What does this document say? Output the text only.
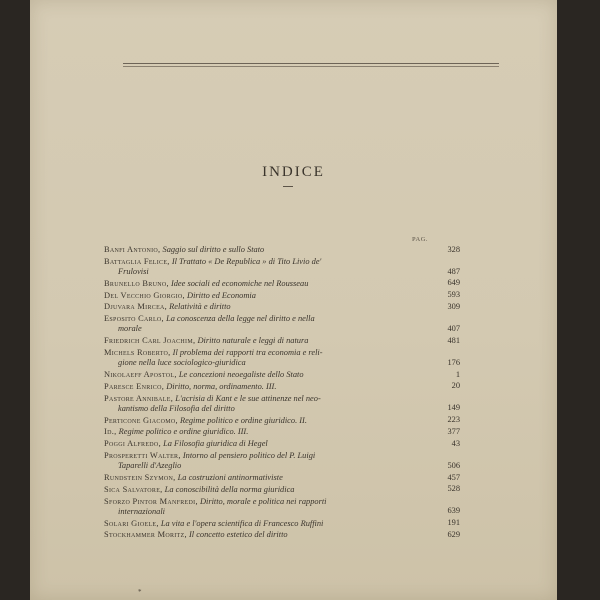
INDICE
PAG.
Banfi Antonio, Saggio sul diritto e sullo Stato	328
Battaglia Felice, Il Trattato « De Republica » di Tito Livio de'
Frulovisi	487
Brunello Bruno, Idee sociali ed economiche nel Rousseau	649
Del Vecchio Giorgio, Diritto ed Economia	593
Djuvara Mircea, Relatività e diritto	309
Esposito Carlo, La conoscenza della legge nel diritto e nella
morale	407
Friedrich Carl Joachim, Diritto naturale e leggi di natura	481
Michels Roberto, Il problema dei rapporti tra economia e reli-
gione nella luce sociologico-giuridica	176
Nikolaeff Apostol, Le concezioni neoegaliste dello Stato	1
Paresce Enrico, Diritto, norma, ordinamento. III.	20
Pastore Annibale, L'acrisia di Kant e le sue attinenze nel neo-
kantismo della Filosofia del diritto	149
Perticone Giacomo, Regime politico e ordine giuridico. II.	223
Id., Regime politico e ordine giuridico. III.	377
Poggi Alfredo, La Filosofia giuridica di Hegel	43
Prosperetti Walter, Intorno al pensiero politico del P. Luigi
Taparelli d'Azeglio	506
Rundstein Szymon, La costruzioni antinormativiste	457
Sica Salvatore, La conoscibilità della norma giuridica	528
Sforzo Pintor Manfredi, Diritto, morale e politica nei rapporti
internazionali	639
Solari Gioele, La vita e l'opera scientifica di Francesco Ruffini	191
Stockhammer Moritz, Il concetto estetico del diritto	629
*
